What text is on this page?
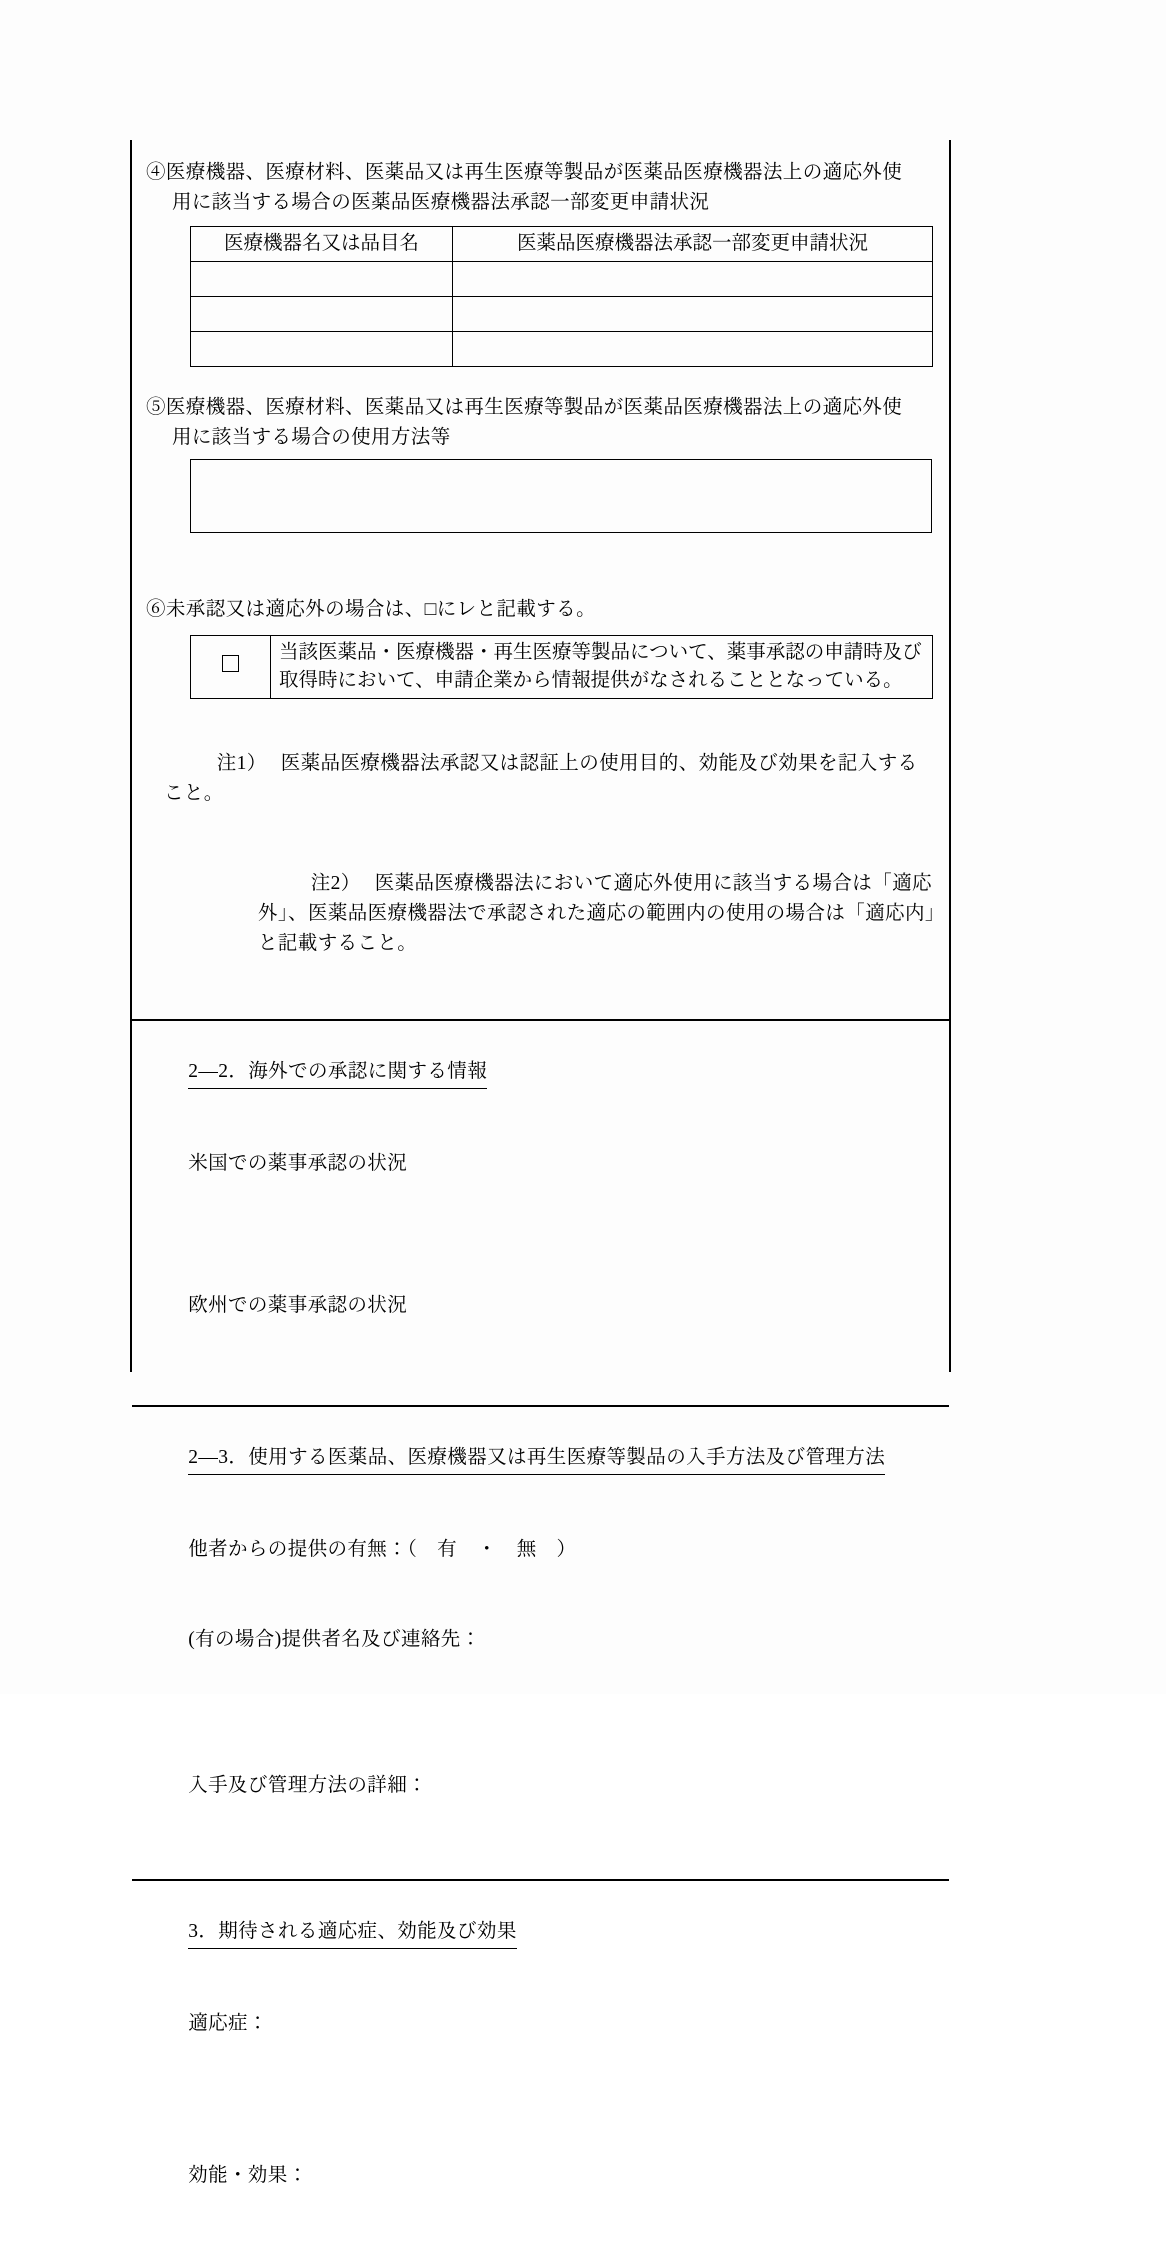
④医療機器、医療材料、医薬品又は再生医療等製品が医薬品医療機器法上の適応外使
用に該当する場合の医薬品医療機器法承認一部変更申請状況
医療機器名又は品目名	医薬品医療機器法承認一部変更申請状況

⑤医療機器、医療材料、医薬品又は再生医療等製品が医薬品医療機器法上の適応外使
用に該当する場合の使用方法等
⑥未承認又は適応外の場合は、□にレと記載する。
	当該医薬品・医療機器・再生医療等製品について、薬事承認の申請時及び取得時において、申請企業から情報提供がなされることとなっている。

注1） 医薬品医療機器法承認又は認証上の使用目的、効能及び効果を記入すること。

注2） 医薬品医療機器法において適応外使用に該当する場合は「適応外」、医薬品医療機器法で承認された適応の範囲内の使用の場合は「適応内」と記載すること。

2―2．海外での承認に関する情報

米国での薬事承認の状況

欧州での薬事承認の状況

2―3．使用する医薬品、医療機器又は再生医療等製品の入手方法及び管理方法

他者からの提供の有無：（　有　・　無　）

(有の場合)提供者名及び連絡先：

入手及び管理方法の詳細：

3．期待される適応症、効能及び効果

適応症：

効能・効果：
